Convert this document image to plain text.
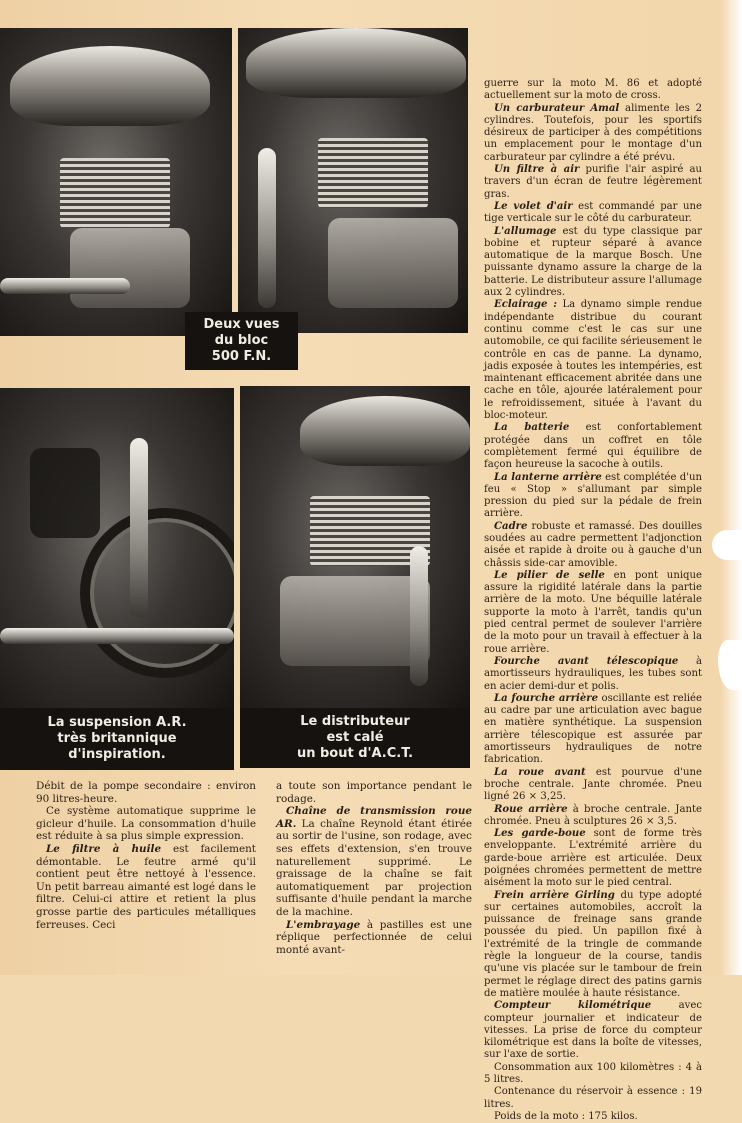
Deux vues
du bloc
500 F.N.
La suspension A.R.
très britannique
d'inspiration.
Le distributeur
est calé
un bout d'A.C.T.

guerre sur la moto M. 86 et adopté actuellement sur la moto de cross.

Un carburateur Amal alimente les 2 cylindres. Toutefois, pour les sportifs désireux de participer à des compétitions un emplacement pour le montage d'un carburateur par cylindre a été prévu.

Un filtre à air purifie l'air aspiré au travers d'un écran de feutre légèrement gras.

Le volet d'air est commandé par une tige verticale sur le côté du carburateur.

L'allumage est du type classique par bobine et rupteur séparé à avance automatique de la marque Bosch. Une puissante dynamo assure la charge de la batterie. Le distributeur assure l'allumage aux 2 cylindres.

Eclairage : La dynamo simple rendue indépendante distribue du courant continu comme c'est le cas sur une automobile, ce qui facilite sérieusement le contrôle en cas de panne. La dynamo, jadis exposée à toutes les intempéries, est maintenant efficacement abritée dans une cache en tôle, ajourée latéralement pour le refroidissement, située à l'avant du bloc-moteur.

La batterie est confortablement protégée dans un coffret en tôle complètement fermé qui équilibre de façon heureuse la sacoche à outils.

La lanterne arrière est complétée d'un feu « Stop » s'allumant par simple pression du pied sur la pédale de frein arrière.

Cadre robuste et ramassé. Des douilles soudées au cadre permettent l'adjonction aisée et rapide à droite ou à gauche d'un châssis side-car amovible.

Le pilier de selle en pont unique assure la rigidité latérale dans la partie arrière de la moto. Une béquille latérale supporte la moto à l'arrêt, tandis qu'un pied central permet de soulever l'arrière de la moto pour un travail à effectuer à la roue arrière.

Fourche avant télescopique à amortisseurs hydrauliques, les tubes sont en acier demi-dur et polis.

La fourche arrière oscillante est reliée au cadre par une articulation avec bague en matière synthétique. La suspension arrière télescopique est assurée par amortisseurs hydrauliques de notre fabrication.

La roue avant est pourvue d'une broche centrale. Jante chromée. Pneu ligné 26 × 3,25.

Roue arrière à broche centrale. Jante chromée. Pneu à sculptures 26 × 3,5.

Les garde-boue sont de forme très enveloppante. L'extrémité arrière du garde-boue arrière est articulée. Deux poignées chromées permettent de mettre aisément la moto sur le pied central.

Frein arrière Girling du type adopté sur certaines automobiles, accroît la puissance de freinage sans grande poussée du pied. Un papillon fixé à l'extrémité de la tringle de commande règle la longueur de la course, tandis qu'une vis placée sur le tambour de frein permet le réglage direct des patins garnis de matière moulée à haute résistance.

Compteur kilométrique avec compteur journalier et indicateur de vitesses. La prise de force du compteur kilométrique est dans la boîte de vitesses, sur l'axe de sortie.

Consommation aux 100 kilomètres : 4 à 5 litres.

Contenance du réservoir à essence : 19 litres.

Poids de la moto : 175 kilos.

Débit de la pompe secondaire : environ 90 litres-heure.

Ce système automatique supprime le gicleur d'huile. La consommation d'huile est réduite à sa plus simple expression.

Le filtre à huile est facilement démontable. Le feutre armé qu'il contient peut être nettoyé à l'essence. Un petit barreau aimanté est logé dans le filtre. Celui-ci attire et retient la plus grosse partie des particules métalliques ferreuses. Ceci

a toute son importance pendant le rodage.

Chaîne de transmission roue AR. La chaîne Reynold étant étirée au sortir de l'usine, son rodage, avec ses effets d'extension, s'en trouve naturellement supprimé. Le graissage de la chaîne se fait automatiquement par projection suffisante d'huile pendant la marche de la machine.

L'embrayage à pastilles est une réplique perfectionnée de celui monté avant-
